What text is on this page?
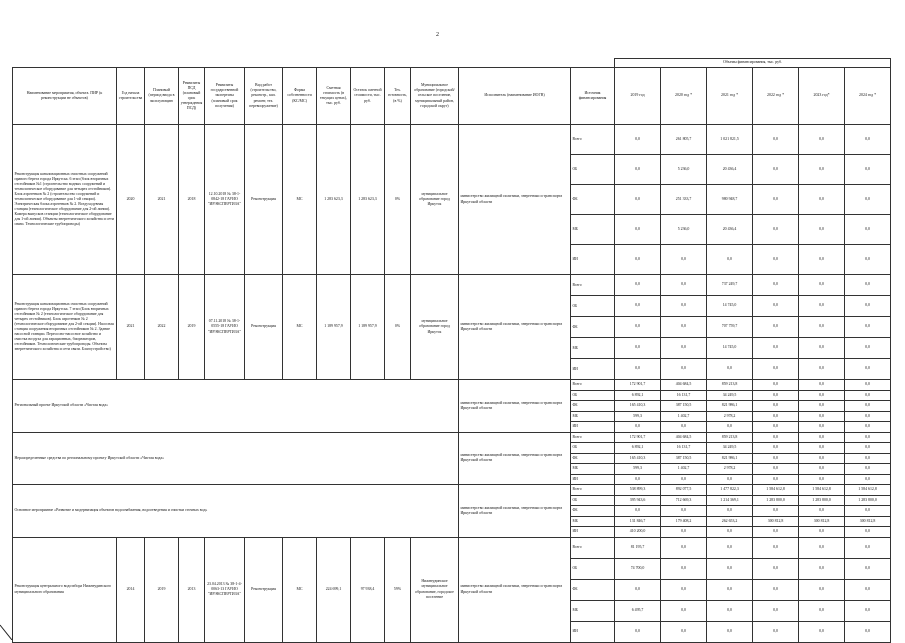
2
													Объемы финансирования, тыс. руб.					
Наименование мероприятия, объекта. ПИР (к реконструкции не объектов)	Год начала строительства	Плановый (период ввода в эксплуатацию	Реквизиты ПСД (плановый срок утверждения ПСД)	Реквизиты государственной экспертизы (плановый срок получения)	Вид работ (строительство, реконстр., кап. ремонт, тех. перевооружение)	Форма собственности (КС/МС)	Сметная стоимость (в текущих ценах), тыс. руб.	Остаток сметной стоимости, тыс. руб.	Тех. готовность, (в %)	Муниципальное образование (городской/сельское поселение, муниципальный район, городской округ)	Исполнитель (наименование ИОГВ)	Источник финансирования	2019 год	2020 год *	2021 год *	2022 год *	2023 год*	2024 год *
Реконструкция канализационных очистных сооружений правого берега города Иркутска. 6 этап (блок вторичных отстойников №1 (строительство водных сооружений и технологическое оборудование для четырех отстойников). Блок аэротенков № 2 (строительство сооружений и технологическое оборудование для 1-ой секции). Электрическая блока аэротенков № 2. Воздуходувная станция (технологическое оборудование для 2-ой линии). Камера выпусков станции (технологическое оборудование для 1-ой линии). Объекты энергетического хозяйства и сети связи. Технологические трубопроводы)	2020	2021	2018	12.10.2018 № 38-1-0842-18 ГАУИО "ИРЭКСПЕРТИЗА"	Реконструкция	МС	1 283 623,3	1 283 623,3	0%	муниципальное образование город Иркутск	министерство жилищной политики, энергетики и транспорта Иркутской области	Всего	0,0	261 805,7	1 021 821,5	0,0	0,0	0,0
												ОБ	0,0	5 236,0	20 436,4	0,0	0,0	0,0
												ФБ	0,0	251 333,7	980 948,7	0,0	0,0	0,0
												МБ	0,0	5 236,0	20 436,4	0,0	0,0	0,0
												ИИ	0,0	0,0	0,0	0,0	0,0	0,0
Реконструкция канализационных очистных сооружений правого берега города Иркутска. 7 этап (Блок вторичных отстойников № 2 (технологическое оборудование для четырех отстойников). Блок аэротенков № 2 (технологическое оборудование для 2-ой секции). Насосная станция сооружения вторичных отстойников № 2. Здание насосной станции. Пересосно-насосное хозяйство и очистка воздуха для аэрационных, биореакторов, отстойников. Технологические трубопроводы. Объекты энергетического хозяйства и сети связи. Благоустройство)	2021	2022	2019	07.11.2018 № 38-1-0555-18 ГАУИО "ИРЭКСПЕРТИЗА"	Реконструкция	МС	1 189 957,9	1 189 957,9	0%	муниципальное образование город Иркутск	министерство жилищной политики, энергетики и транспорта Иркутской области	Всего	0,0	0,0	737 249,7	0,0	0,0	0,0
												ОБ	0,0	0,0	14 745,0	0,0	0,0	0,0
												ФБ	0,0	0,0	707 759,7	0,0	0,0	0,0
												МБ	0,0	0,0	14 745,0	0,0	0,0	0,0
												ИИ	0,0	0,0	0,0	0,0	0,0	0,0
Региональный проект Иркутской области «Чистая вода»											министерство жилищной политики, энергетики и транспорта Иркутской области	Всего	172 901,7	404 684,5	859 213,8	0,0	0,0	0,0
												ОБ	6 892,1	16 131,7	34 249,5	0,0	0,0	0,0
												ФБ	165 410,3	387 150,5	821 986,1	0,0	0,0	0,0
												МБ	599,3	1 402,7	2 978,2	0,0	0,0	0,0
												ИИ	0,0	0,0	0,0	0,0	0,0	0,0
Нераспределенные средства по региональному проекту Иркутской области «Чистая вода»											министерство жилищной политики, энергетики и транспорта Иркутской области	Всего	172 901,7	404 684,5	859 213,8	0,0	0,0	0,0
												ОБ	6 892,1	16 131,7	34 249,5	0,0	0,0	0,0
												ФБ	165 410,3	387 150,5	821 986,1	0,0	0,0	0,0
												МБ	599,3	1 402,7	2 978,2	0,0	0,0	0,0
												ИИ	0,0	0,0	0,0	0,0	0,0	0,0
Основное мероприятие «Развитие и модернизация объектов водоснабжения, водоотведения и очистки сточных вод»											министерство жилищной политики, энергетики и транспорта Иркутской области	Всего	538 899,3	892 077,5	1 477 822,3	1 584 612,8	1 584 612,8	1 584 612,8
												ОБ	395 943,6	712 669,3	1 214 369,1	1 283 800,0	1 283 800,0	1 283 800,0
												ФБ	0,0	0,0	0,0	0,0	0,0	0,0
												МБ	131 846,7	179 408,2	262 653,2	300 812,8	300 812,8	300 812,8
												ИИ	410 200,0	0,0	0,0	0,0	0,0	0,0
Реконструкция центрального водозабора Нижнеудинского муниципального образования	2014	2019	2013	23.04.2013 № 38-1-4-0063-13 ГАУИО "ИРЭКСПЕРТИЗА"	Реконструкция	МС	224 699,1	97 938,4	59%	Нижнеудинское муниципальное образование, городское поселение	министерство жилищной политики, энергетики и транспорта Иркутской области	Всего	81 195,7	0,0	0,0	0,0	0,0	0,0
												ОБ	74 700,0	0,0	0,0	0,0	0,0	0,0
												ФБ	0,0	0,0	0,0	0,0	0,0	0,0
												МБ	6 495,7	0,0	0,0	0,0	0,0	0,0
												ИИ	0,0	0,0	0,0	0,0	0,0	0,0
